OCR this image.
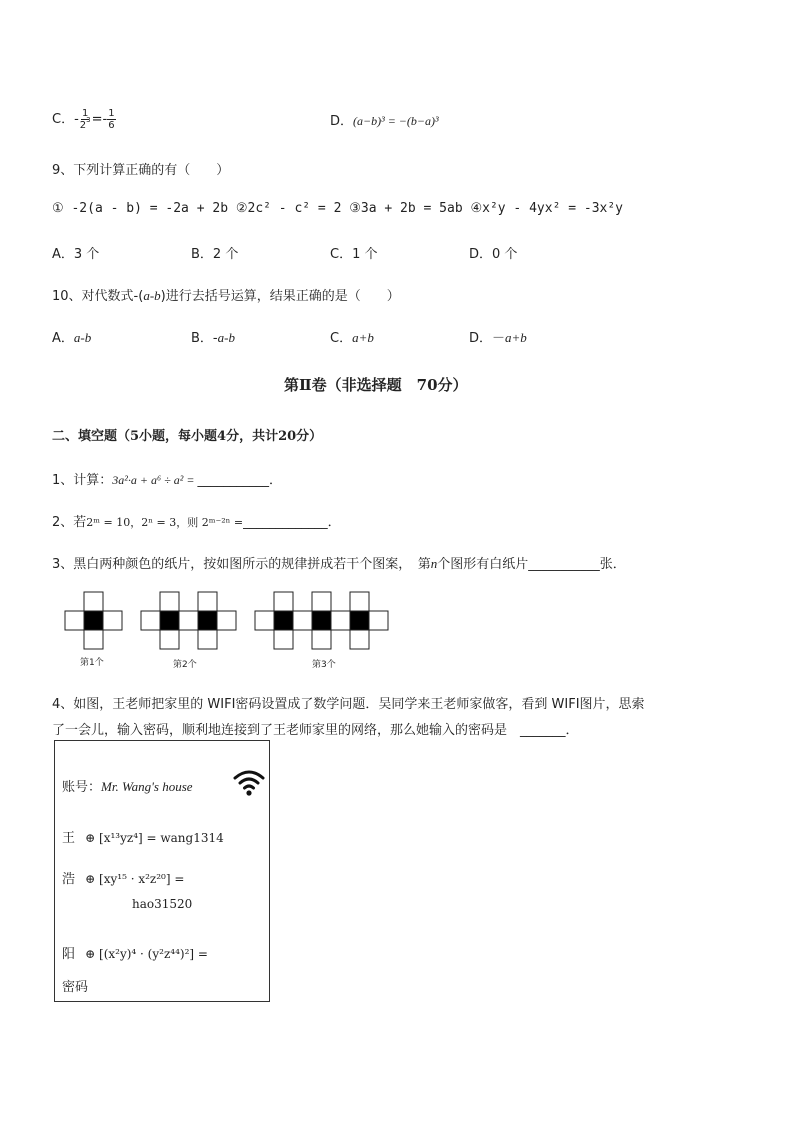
C．- $\frac{1}{2^3} =- \frac{1}{6}$	D．(a−b)³ = −(b−a)³
9、下列计算正确的有（　　）
① -2(a - b) = -2a + 2b ②2c² - c² = 2 ③3a + 2b = 5ab ④x²y - 4yx² = -3x²y
A．3 个	B．2 个	C．1 个	D．0 个
10、对代数式-(a-b)进行去括号运算，结果正确的是（　　）
A．a-b	B．-a-b	C．a+b	D．－a+b
第Ⅱ卷（非选择题　70分）
二、填空题（5小题，每小题4分，共计20分）
1、计算：3a²·a + a⁶ ÷ a² = ___________．
2、若2ᵐ = 10，2ⁿ = 3，则 2ᵐ⁻²ⁿ =_____________．
3、黑白两种颜色的纸片，按如图所示的规律拼成若干个图案，　第n个图形有白纸片___________张．
第1个	第2个	第3个
4、如图，王老师把家里的 WIFI密码设置成了数学问题．吴同学来王老师家做客，看到 WIFI图片，思索
了一会儿，输入密码，顺利地连接到了王老师家里的网络，那么她输入的密码是　_______．
账号：Mr. Wang's house
王 ⊕ [x¹³yz⁴] = wang1314
浩 ⊕ [xy¹⁵ · x²z²⁰] =
hao31520
阳 ⊕ [(x²y)⁴ · (y²z⁴⁴)²] =
密码
